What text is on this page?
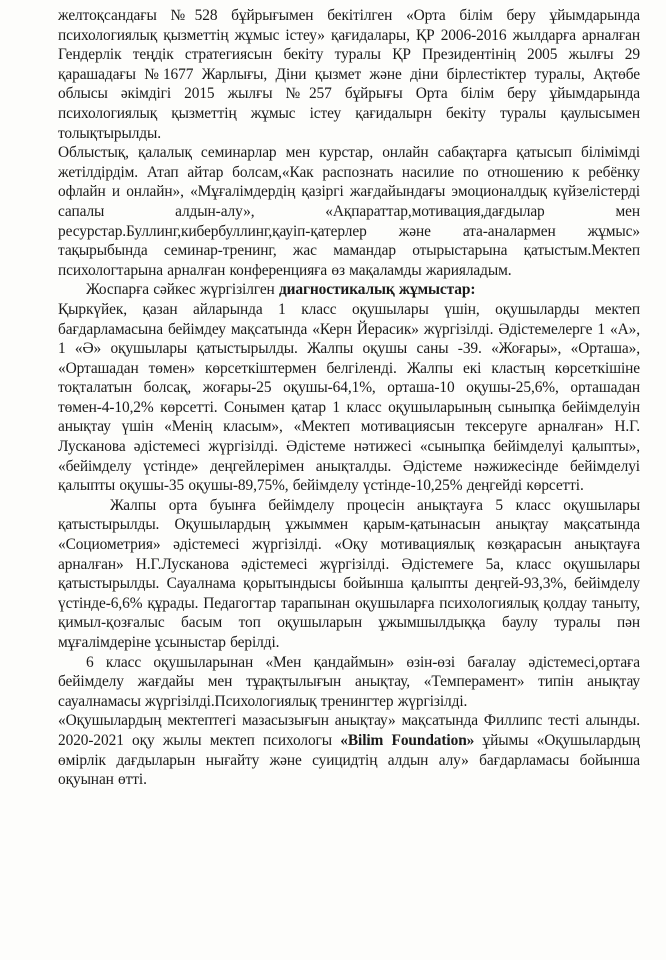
желтоқсандағы №528 бұйрығымен бекітілген «Орта білім беру ұйымдарында психологиялық қызметтің жұмыс істеу» қағидалары, ҚР 2006-2016 жылдарға арналған Гендерлік теңдік стратегиясын бекіту туралы ҚР Президентінің 2005 жылғы 29 қарашадағы №1677 Жарлығы, Діни қызмет және діни бірлестіктер туралы, Ақтөбе облысы әкімдігі 2015 жылғы №257 бұйрығы Орта білім беру ұйымдарында психологиялық қызметтің жұмыс істеу қағидалырн бекіту туралы қаулысымен толықтырылды.

Облыстық, қалалық семинарлар мен курстар, онлайн сабақтарға қатысып білімімді жетілдірдім. Атап айтар болсам,«Как распознать насилие по отношению к ребёнку офлайн и онлайн», «Мұғалімдердің қазіргі жағдайындағы эмоционалдық күйзелістерді сапалы алдын-алу», «Ақпараттар,мотивация,дағдылар мен ресурстар.Буллинг,кибербуллинг,қауіп-қатерлер және ата-аналармен жұмыс» тақырыбында семинар-тренинг, жас мамандар отырыстарына қатыстым.Мектеп психологтарына арналған конференцияға өз мақаламды жарияладым.

Жоспарға сәйкес жүргізілген диагностикалық жұмыстар:

Қыркүйек, қазан айларында 1 класс оқушылары үшін, оқушыларды мектеп бағдарламасына бейімдеу мақсатында «Керн Йерасик» жүргізілді. Әдістемелерге 1 «А», 1 «Ә» оқушылары қатыстырылды. Жалпы оқушы саны -39. «Жоғары», «Орташа», «Орташадан төмен» көрсеткіштермен белгіленді. Жалпы екі кластың көрсеткішіне тоқталатын болсақ, жоғары-25 оқушы-64,1%, орташа-10 оқушы-25,6%, орташадан төмен-4-10,2% көрсетті. Сонымен қатар 1 класс оқушыларының сыныпқа бейімделуін анықтау үшін «Менің класым», «Мектеп мотивациясын тексеруге арналған» Н.Г. Лусканова әдістемесі жүргізілді. Әдістеме нәтижесі «сыныпқа бейімделуі қалыпты», «бейімделу үстінде» деңгейлерімен анықталды. Әдістеме нәжижесінде бейімделуі қалыпты оқушы-35 оқушы-89,75%, бейімделу үстінде-10,25% деңгейді көрсетті.

Жалпы орта буынға бейімделу процесін анықтауға 5 класс оқушылары қатыстырылды. Оқушылардың ұжыммен қарым-қатынасын анықтау мақсатында «Социометрия» әдістемесі жүргізілді. «Оқу мотивациялық көзқарасын анықтауға арналған» Н.Г.Лусканова әдістемесі жүргізілді. Әдістемеге 5а, класс оқушылары қатыстырылды. Сауалнама қорытындысы бойынша қалыпты деңгей-93,3%, бейімделу үстінде-6,6% құрады. Педагогтар тарапынан оқушыларға психологиялық қолдау таныту, қимыл-қозғалыс басым топ оқушыларын ұжымшылдыққа баулу туралы пән мұғалімдеріне ұсыныстар берілді.

6 класс оқушыларынан «Мен қандаймын» өзін-өзі бағалау әдістемесі,ортаға бейімделу жағдайы мен тұрақтылығын анықтау, «Темперамент» типін анықтау сауалнамасы жүргізілді.Психологиялық тренингтер жүргізілді.

«Оқушылардың мектептегі мазасызығын анықтау» мақсатында Филлипс тесті алынды. 2020-2021 оқу жылы мектеп психологы «Bilim Foundation» ұйымы «Оқушылардың өмірлік дағдыларын нығайту және суицидтің алдын алу» бағдарламасы бойынша оқуынан өтті.
